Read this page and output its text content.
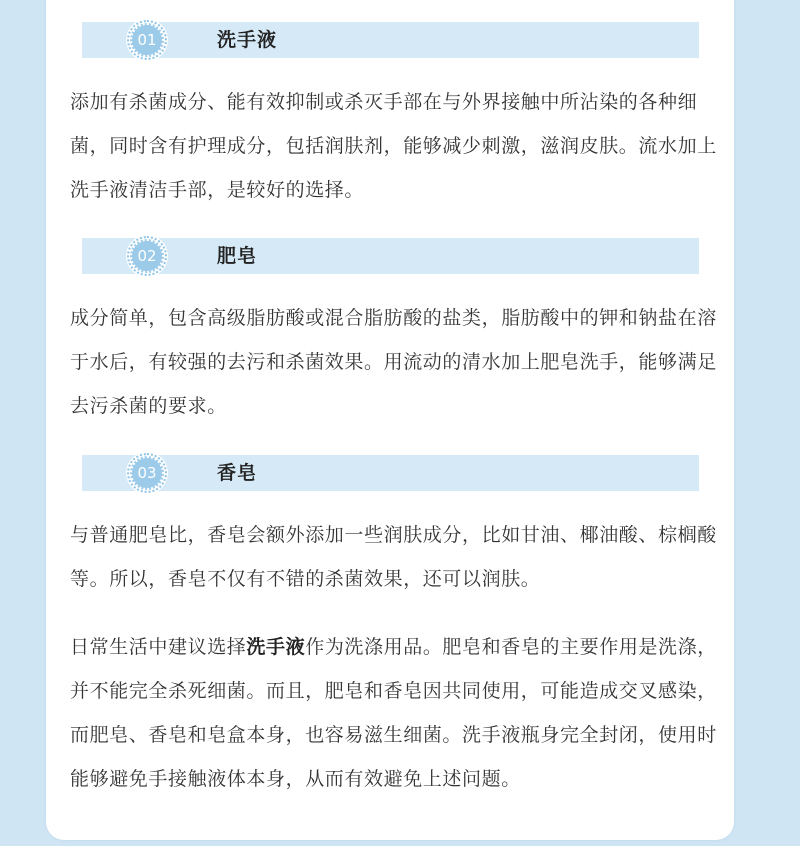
01	洗手液

添加有杀菌成分、能有效抑制或杀灭手部在与外界接触中所沾染的各种细菌，同时含有护理成分，包括润肤剂，能够减少刺激，滋润皮肤。流水加上洗手液清洁手部，是较好的选择。

02	肥皂

成分简单，包含高级脂肪酸或混合脂肪酸的盐类，脂肪酸中的钾和钠盐在溶于水后，有较强的去污和杀菌效果。用流动的清水加上肥皂洗手，能够满足去污杀菌的要求。

03	香皂

与普通肥皂比，香皂会额外添加一些润肤成分，比如甘油、椰油酸、棕榈酸等。所以，香皂不仅有不错的杀菌效果，还可以润肤。

日常生活中建议选择洗手液作为洗涤用品。肥皂和香皂的主要作用是洗涤，并不能完全杀死细菌。而且，肥皂和香皂因共同使用，可能造成交叉感染，而肥皂、香皂和皂盒本身，也容易滋生细菌。洗手液瓶身完全封闭，使用时能够避免手接触液体本身，从而有效避免上述问题。
